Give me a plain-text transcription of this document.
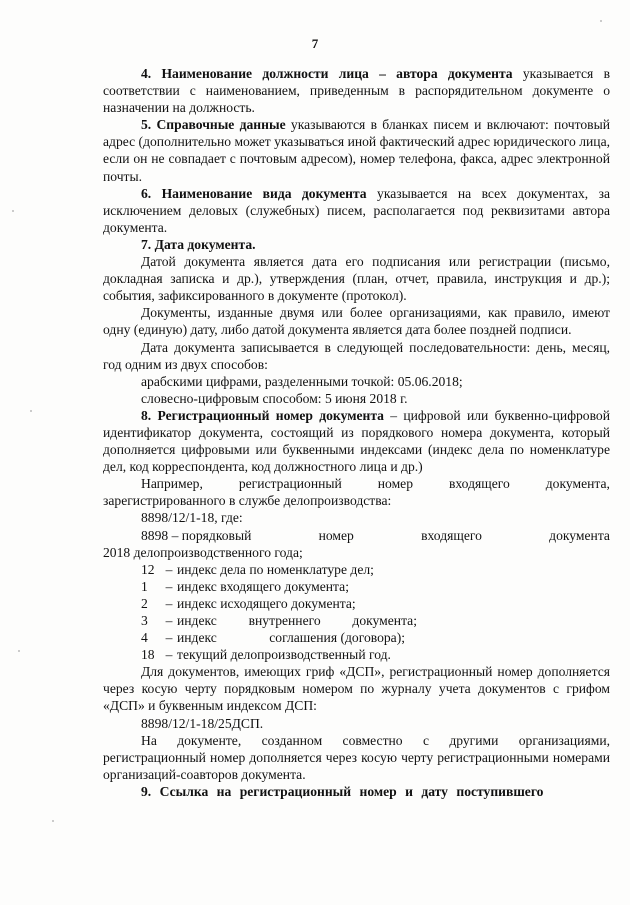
7

4. Наименование должности лица – автора документа указывается в соответствии с наименованием, приведенным в распорядительном документе о назначении на должность.

5. Справочные данные указываются в бланках писем и включают: почтовый адрес (дополнительно может указываться иной фактический адрес юридического лица, если он не совпадает с почтовым адресом), номер телефона, факса, адрес электронной почты.

6. Наименование вида документа указывается на всех документах, за исключением деловых (служебных) писем, располагается под реквизитами автора документа.

7. Дата документа.

Датой документа является дата его подписания или регистрации (письмо, докладная записка и др.), утверждения (план, отчет, правила, инструкция и др.); события, зафиксированного в документе (протокол).

Документы, изданные двумя или более организациями, как правило, имеют одну (единую) дату, либо датой документа является дата более поздней подписи.

Дата документа записывается в следующей последовательности: день, месяц, год одним из двух способов:

арабскими цифрами, разделенными точкой: 05.06.2018;

словесно-цифровым способом: 5 июня 2018 г.

8. Регистрационный номер документа – цифровой или буквенно-цифровой идентификатор документа, состоящий из порядкового номера документа, который дополняется цифровыми или буквенными индексами (индекс дела по номенклатуре дел, код корреспондента, код должностного лица и др.)

Например,	регистрационный	номер	входящего	документа,

зарегистрированного в службе делопроизводства:

8898/12/1-18, где:

8898 – порядковый	номер	входящего	документа

2018 делопроизводственного года;

12 – индекс дела по номенклатуре дел;
1	– индекс входящего документа;
2	– индекс исходящего документа;
3	– индекс внутреннего документа;
4	– индекс	соглашения (договора);
18 – текущий делопроизводственный год.

Для документов, имеющих гриф «ДСП», регистрационный номер дополняется через косую черту порядковым номером по журналу учета документов с грифом «ДСП» и буквенным индексом ДСП:

8898/12/1-18/25ДСП.

На документе, созданном совместно с другими организациями, регистрационный номер дополняется через косую черту регистрационными номерами организаций-соавторов документа.

9. Ссылка на регистрационный номер и дату поступившего
